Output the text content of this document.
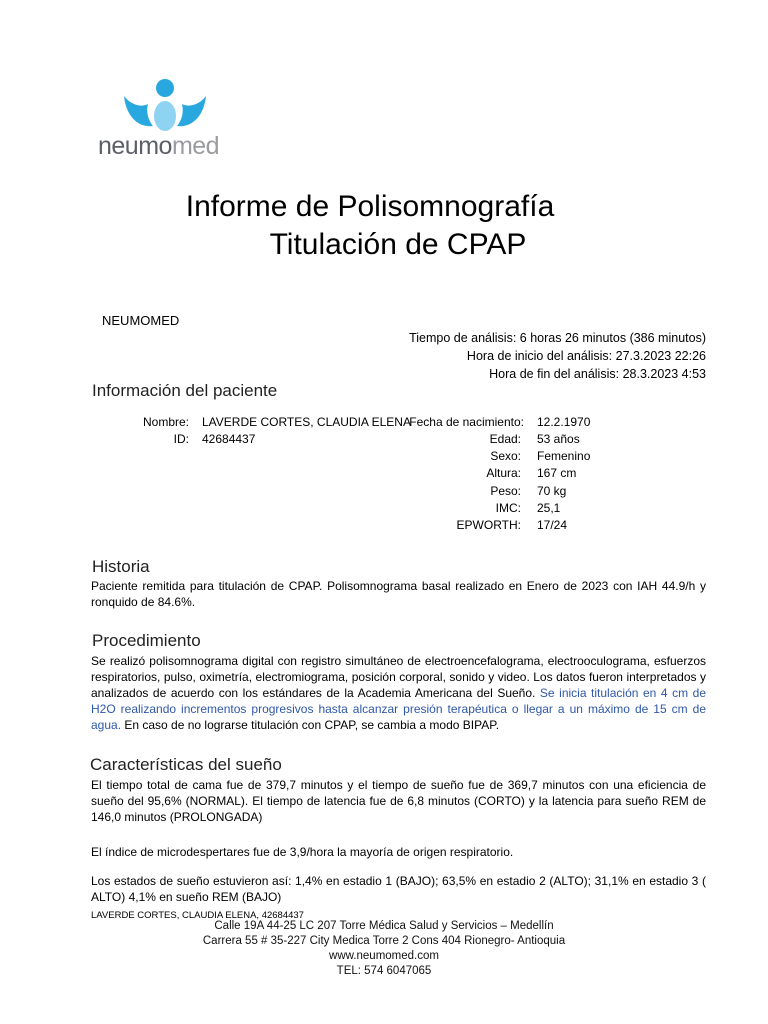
neumomed
Informe de Polisomnografía
Titulación de CPAP
NEUMOMED
Tiempo de análisis: 6 horas 26 minutos (386 minutos)
Hora de inicio del análisis: 27.3.2023 22:26
Hora de fin del análisis: 28.3.2023 4:53
Información del paciente
Nombre: LAVERDE CORTES, CLAUDIA ELENA
ID: 42684437
Fecha de nacimiento: 12.2.1970
Edad: 53 años
Sexo: Femenino
Altura: 167 cm
Peso: 70 kg
IMC: 25,1
EPWORTH: 17/24
Historia
Paciente remitida para titulación de CPAP. Polisomnograma basal realizado en Enero de 2023 con IAH 44.9/h y ronquido de 84.6%.
Procedimiento
Se realizó polisomnograma digital con registro simultáneo de electroencefalograma, electrooculograma, esfuerzos respiratorios, pulso, oximetría, electromiograma, posición corporal, sonido y video. Los datos fueron interpretados y analizados de acuerdo con los estándares de la Academia Americana del Sueño. Se inicia titulación en 4 cm de H2O realizando incrementos progresivos hasta alcanzar presión terapéutica o llegar a un máximo de 15 cm de agua. En caso de no lograrse titulación con CPAP, se cambia a modo BIPAP.
Características del sueño
El tiempo total de cama fue de 379,7 minutos y el tiempo de sueño fue de 369,7 minutos con una eficiencia de sueño del 95,6% (NORMAL). El tiempo de latencia fue de 6,8 minutos (CORTO) y la latencia para sueño REM de 146,0 minutos (PROLONGADA)
El índice de microdespertares fue de 3,9/hora la mayoría de origen respiratorio.
Los estados de sueño estuvieron así: 1,4% en estadio 1 (BAJO); 63,5% en estadio 2 (ALTO); 31,1% en estadio 3 ( ALTO) 4,1% en sueño REM (BAJO)
LAVERDE CORTES, CLAUDIA ELENA, 42684437
Calle 19A 44-25 LC 207 Torre Médica Salud y Servicios – Medellín
Carrera 55 # 35-227 City Medica Torre 2 Cons 404 Rionegro- Antioquia
www.neumomed.com
TEL: 574 6047065
